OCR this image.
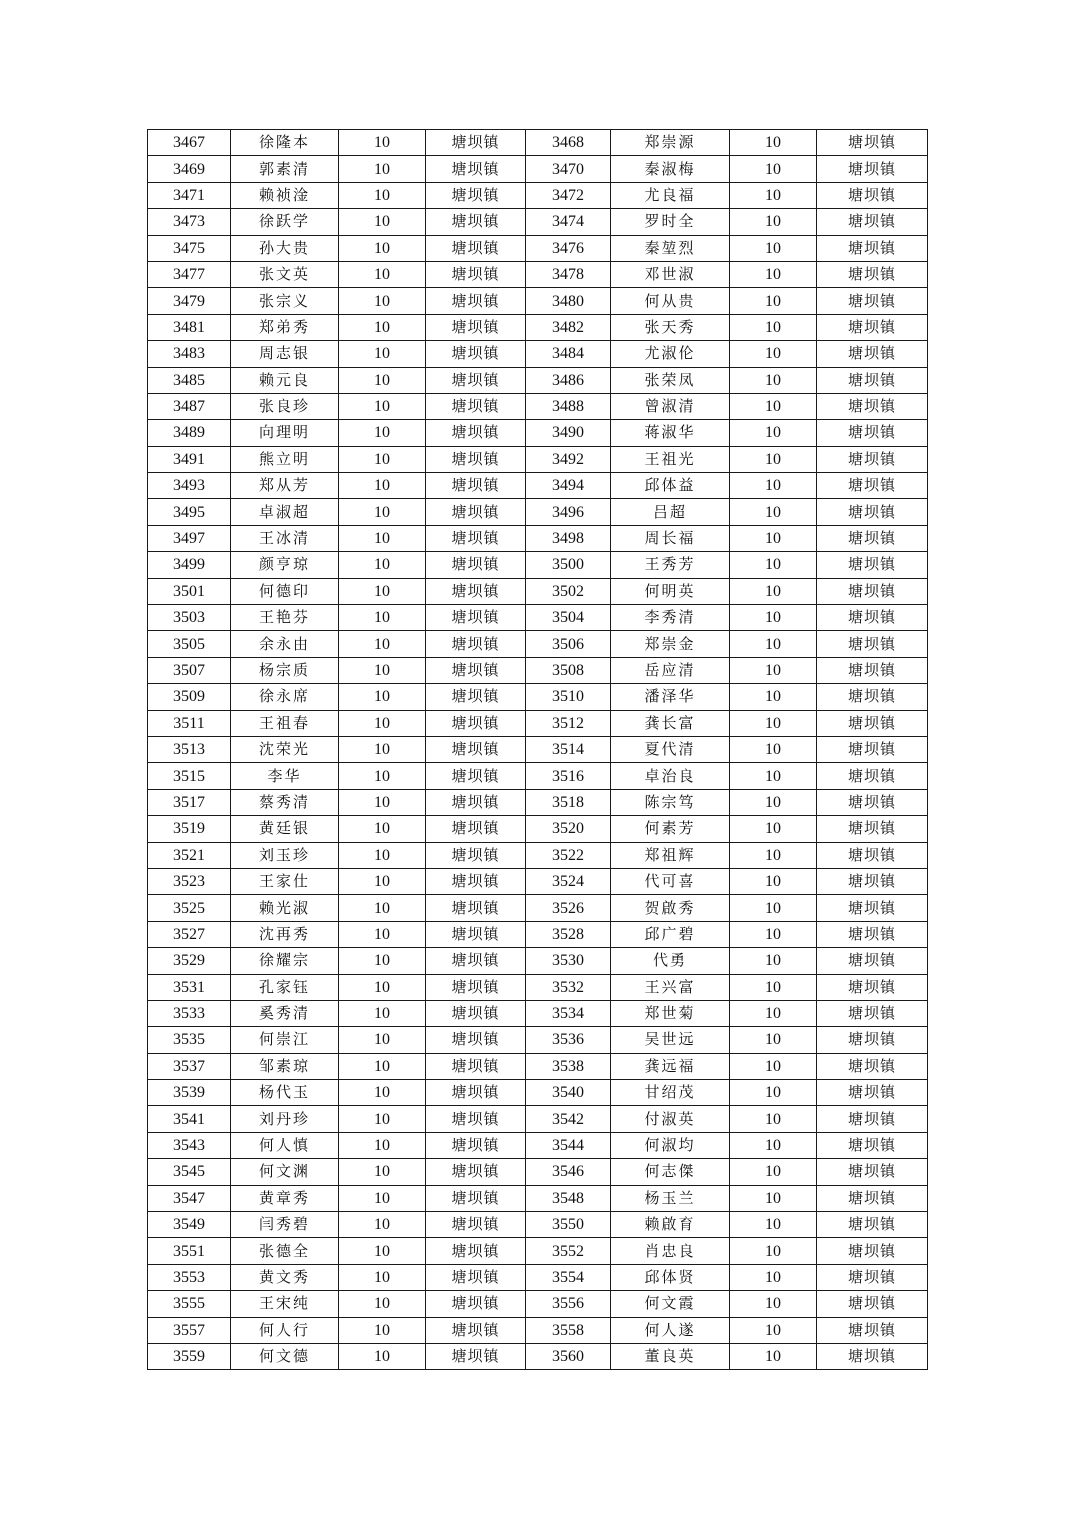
3467	徐隆本	10	塘坝镇	3468	郑崇源	10	塘坝镇
3469	郭素清	10	塘坝镇	3470	秦淑梅	10	塘坝镇
3471	赖祯淦	10	塘坝镇	3472	尤良福	10	塘坝镇
3473	徐跃学	10	塘坝镇	3474	罗时全	10	塘坝镇
3475	孙大贵	10	塘坝镇	3476	秦堃烈	10	塘坝镇
3477	张文英	10	塘坝镇	3478	邓世淑	10	塘坝镇
3479	张宗义	10	塘坝镇	3480	何从贵	10	塘坝镇
3481	郑弟秀	10	塘坝镇	3482	张天秀	10	塘坝镇
3483	周志银	10	塘坝镇	3484	尤淑伦	10	塘坝镇
3485	赖元良	10	塘坝镇	3486	张荣凤	10	塘坝镇
3487	张良珍	10	塘坝镇	3488	曾淑清	10	塘坝镇
3489	向理明	10	塘坝镇	3490	蒋淑华	10	塘坝镇
3491	熊立明	10	塘坝镇	3492	王祖光	10	塘坝镇
3493	郑从芳	10	塘坝镇	3494	邱体益	10	塘坝镇
3495	卓淑超	10	塘坝镇	3496	吕超	10	塘坝镇
3497	王冰清	10	塘坝镇	3498	周长福	10	塘坝镇
3499	颜亨琼	10	塘坝镇	3500	王秀芳	10	塘坝镇
3501	何德印	10	塘坝镇	3502	何明英	10	塘坝镇
3503	王艳芬	10	塘坝镇	3504	李秀清	10	塘坝镇
3505	余永由	10	塘坝镇	3506	郑崇金	10	塘坝镇
3507	杨宗质	10	塘坝镇	3508	岳应清	10	塘坝镇
3509	徐永席	10	塘坝镇	3510	潘泽华	10	塘坝镇
3511	王祖春	10	塘坝镇	3512	龚长富	10	塘坝镇
3513	沈荣光	10	塘坝镇	3514	夏代清	10	塘坝镇
3515	李华	10	塘坝镇	3516	卓治良	10	塘坝镇
3517	蔡秀清	10	塘坝镇	3518	陈宗笃	10	塘坝镇
3519	黄廷银	10	塘坝镇	3520	何素芳	10	塘坝镇
3521	刘玉珍	10	塘坝镇	3522	郑祖辉	10	塘坝镇
3523	王家仕	10	塘坝镇	3524	代可喜	10	塘坝镇
3525	赖光淑	10	塘坝镇	3526	贺啟秀	10	塘坝镇
3527	沈再秀	10	塘坝镇	3528	邱广碧	10	塘坝镇
3529	徐耀宗	10	塘坝镇	3530	代勇	10	塘坝镇
3531	孔家钰	10	塘坝镇	3532	王兴富	10	塘坝镇
3533	奚秀清	10	塘坝镇	3534	郑世菊	10	塘坝镇
3535	何崇江	10	塘坝镇	3536	吴世远	10	塘坝镇
3537	邹素琼	10	塘坝镇	3538	龚远福	10	塘坝镇
3539	杨代玉	10	塘坝镇	3540	甘绍茂	10	塘坝镇
3541	刘丹珍	10	塘坝镇	3542	付淑英	10	塘坝镇
3543	何人慎	10	塘坝镇	3544	何淑均	10	塘坝镇
3545	何文渊	10	塘坝镇	3546	何志傑	10	塘坝镇
3547	黄章秀	10	塘坝镇	3548	杨玉兰	10	塘坝镇
3549	闫秀碧	10	塘坝镇	3550	赖啟育	10	塘坝镇
3551	张德全	10	塘坝镇	3552	肖忠良	10	塘坝镇
3553	黄文秀	10	塘坝镇	3554	邱体贤	10	塘坝镇
3555	王宋纯	10	塘坝镇	3556	何文霞	10	塘坝镇
3557	何人行	10	塘坝镇	3558	何人遂	10	塘坝镇
3559	何文德	10	塘坝镇	3560	董良英	10	塘坝镇
